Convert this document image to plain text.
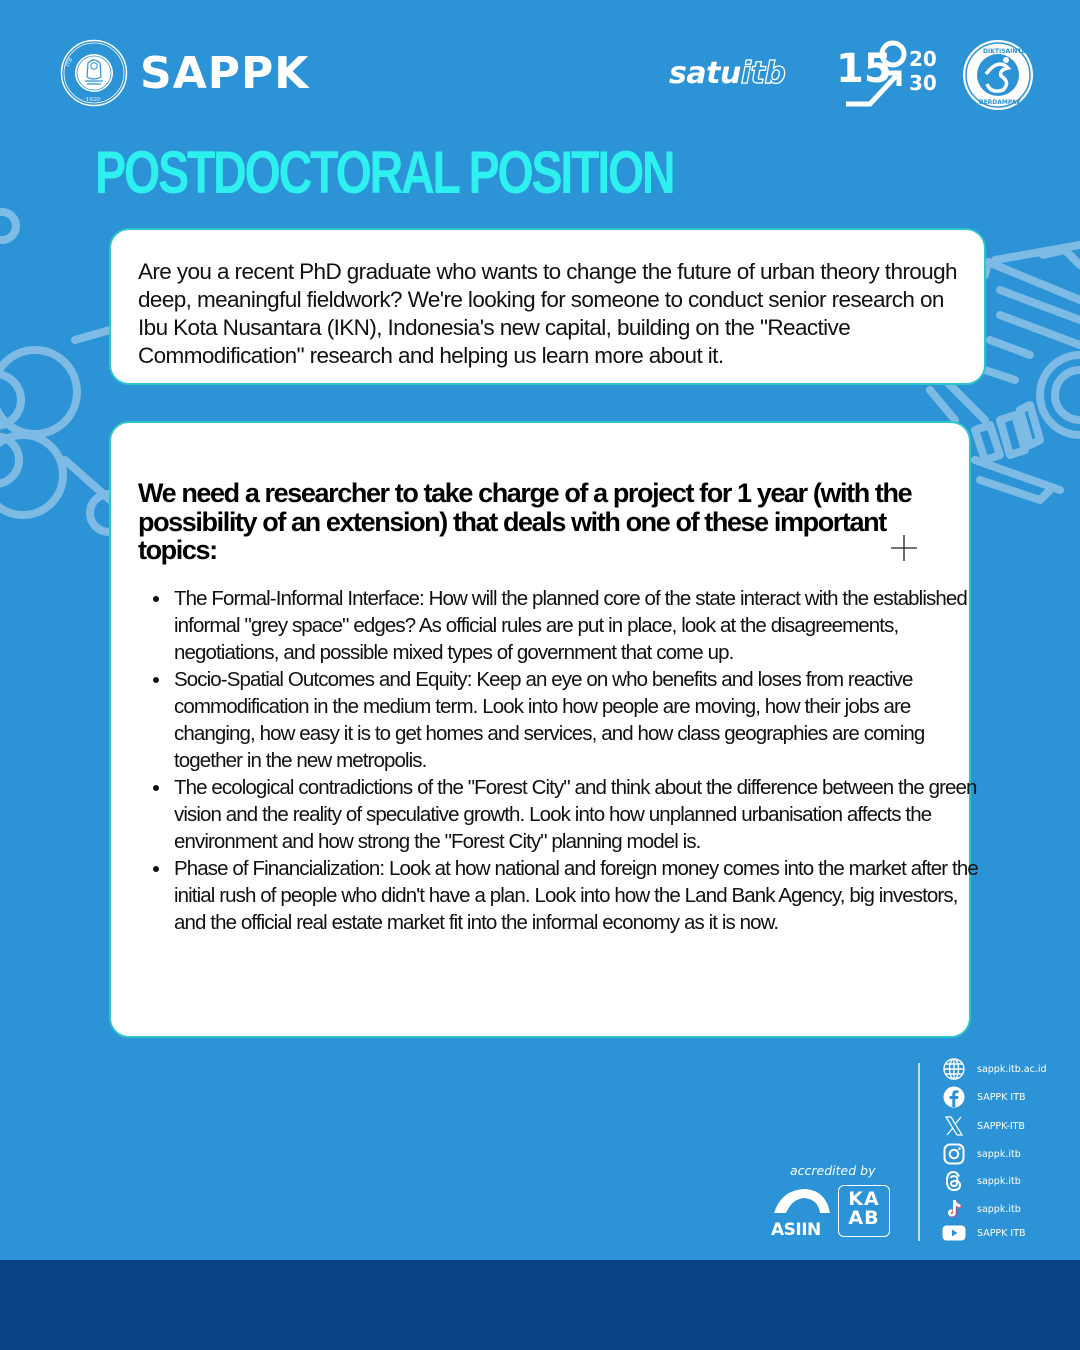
ITB
·1920·
SAPPK	satuitb 15 20
30
DIKTISAINTEK
BERDAMPAK
POSTDOCTORAL POSITION
Are you a recent PhD graduate who wants to change the future of urban theory through deep, meaningful fieldwork? We're looking for someone to conduct senior research on Ibu Kota Nusantara (IKN), Indonesia's new capital, building on the "Reactive Commodification" research and helping us learn more about it.
We need a researcher to take charge of a project for 1 year (with the possibility of an extension) that deals with one of these important topics:
The Formal-Informal Interface: How will the planned core of the state interact with the established informal "grey space" edges? As official rules are put in place, look at the disagreements, negotiations, and possible mixed types of government that come up.
Socio-Spatial Outcomes and Equity: Keep an eye on who benefits and loses from reactive commodification in the medium term. Look into how people are moving, how their jobs are changing, how easy it is to get homes and services, and how class geographies are coming together in the new metropolis.
The ecological contradictions of the "Forest City" and think about the difference between the green vision and the reality of speculative growth. Look into how unplanned urbanisation affects the environment and how strong the "Forest City" planning model is.
Phase of Financialization: Look at how national and foreign money comes into the market after the initial rush of people who didn't have a plan. Look into how the Land Bank Agency, big investors, and the official real estate market fit into the informal economy as it is now.
accredited by
ASIIN
KA
AB
sappk.itb.ac.id
SAPPK ITB
SAPPK-ITB
sappk.itb
sappk.itb
sappk.itb
SAPPK ITB
